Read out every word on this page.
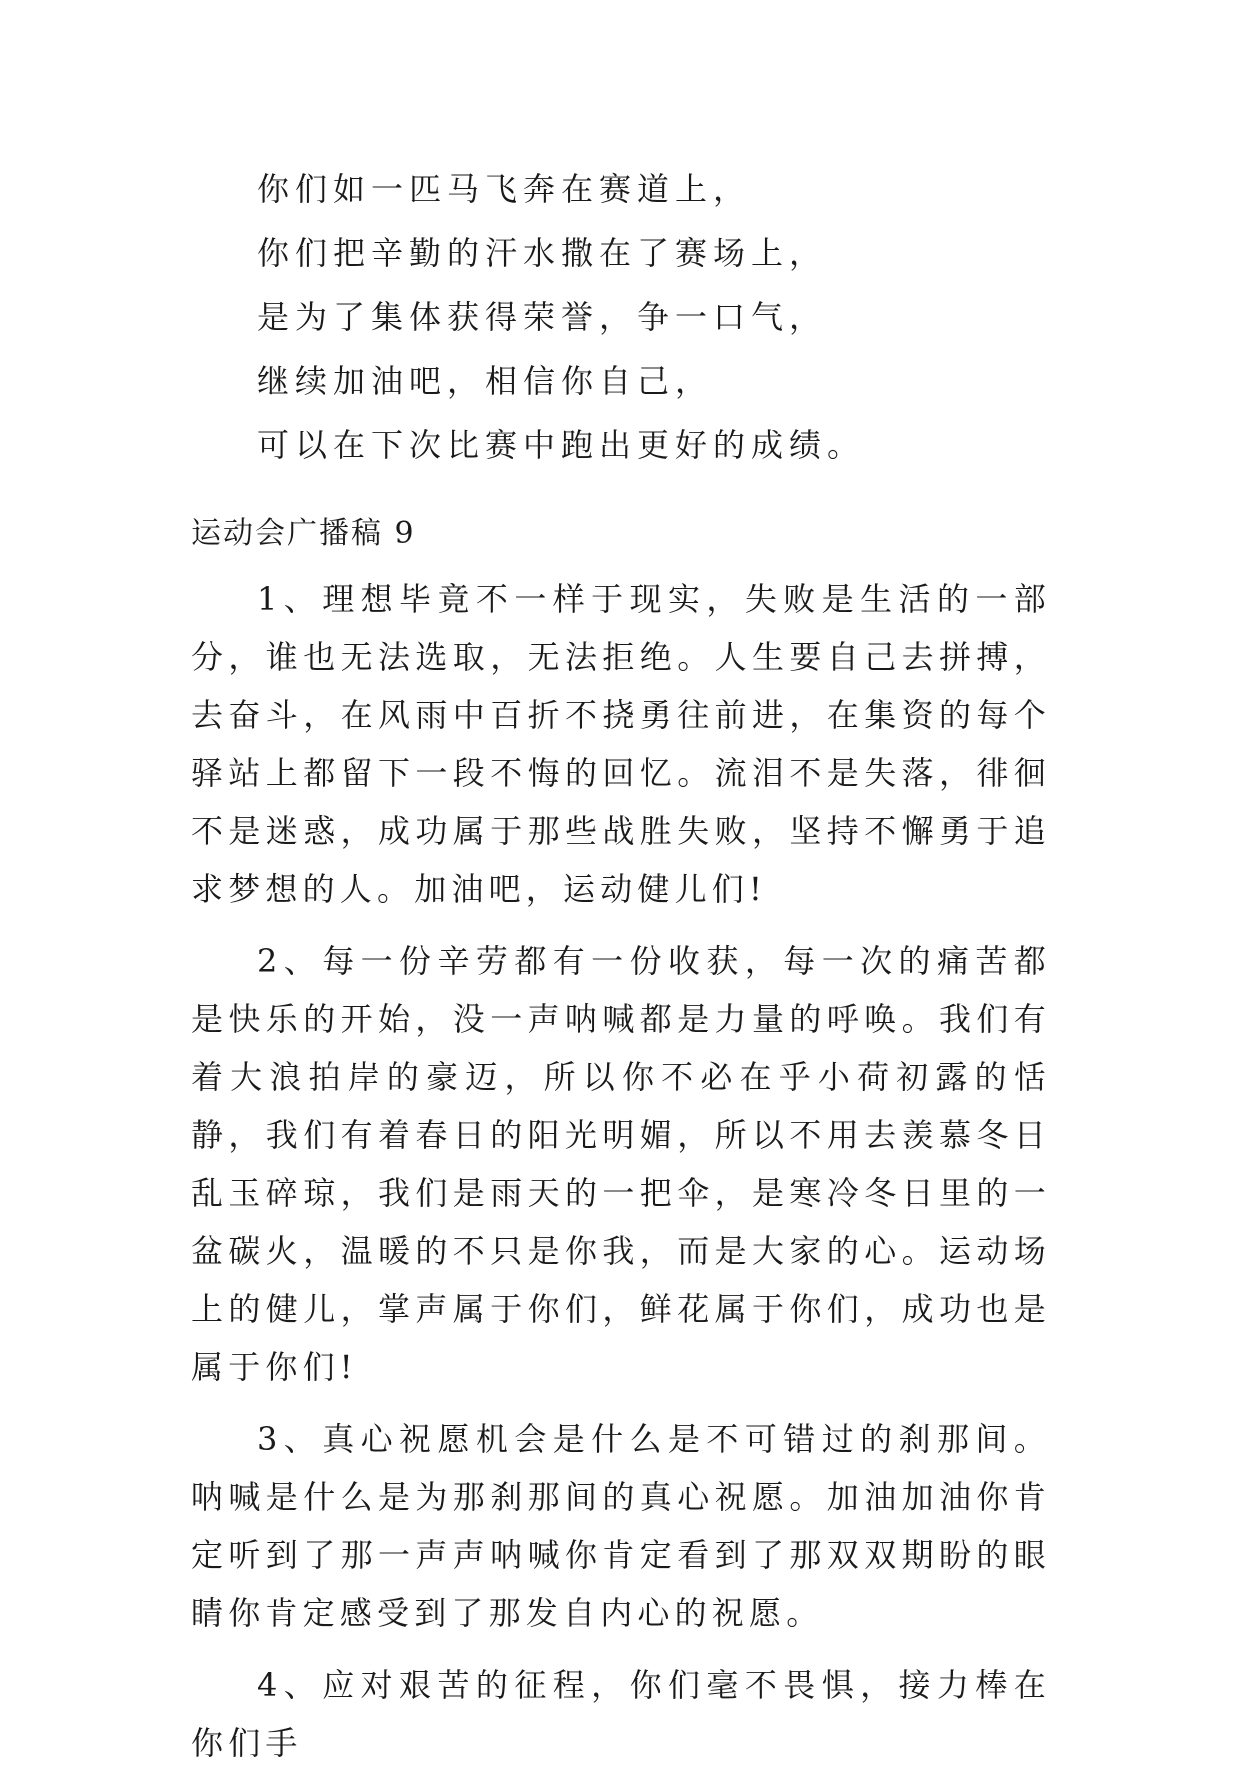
你们如一匹马飞奔在赛道上，
你们把辛勤的汗水撒在了赛场上，
是为了集体获得荣誉，争一口气，
继续加油吧，相信你自己，
可以在下次比赛中跑出更好的成绩。
运动会广播稿 9

1、理想毕竟不一样于现实，失败是生活的一部分，谁也无法选取，无法拒绝。人生要自己去拼搏，去奋斗，在风雨中百折不挠勇往前进，在集资的每个驿站上都留下一段不悔的回忆。流泪不是失落，徘徊不是迷惑，成功属于那些战胜失败，坚持不懈勇于追求梦想的人。加油吧，运动健儿们!

2、每一份辛劳都有一份收获，每一次的痛苦都是快乐的开始，没一声呐喊都是力量的呼唤。我们有着大浪拍岸的豪迈，所以你不必在乎小荷初露的恬静，我们有着春日的阳光明媚，所以不用去羡慕冬日乱玉碎琼，我们是雨天的一把伞，是寒冷冬日里的一盆碳火，温暖的不只是你我，而是大家的心。运动场上的健儿，掌声属于你们，鲜花属于你们，成功也是属于你们!

3、真心祝愿机会是什么是不可错过的刹那间。呐喊是什么是为那刹那间的真心祝愿。加油加油你肯定听到了那一声声呐喊你肯定看到了那双双期盼的眼睛你肯定感受到了那发自内心的祝愿。

4、应对艰苦的征程，你们毫不畏惧，接力棒在你们手
